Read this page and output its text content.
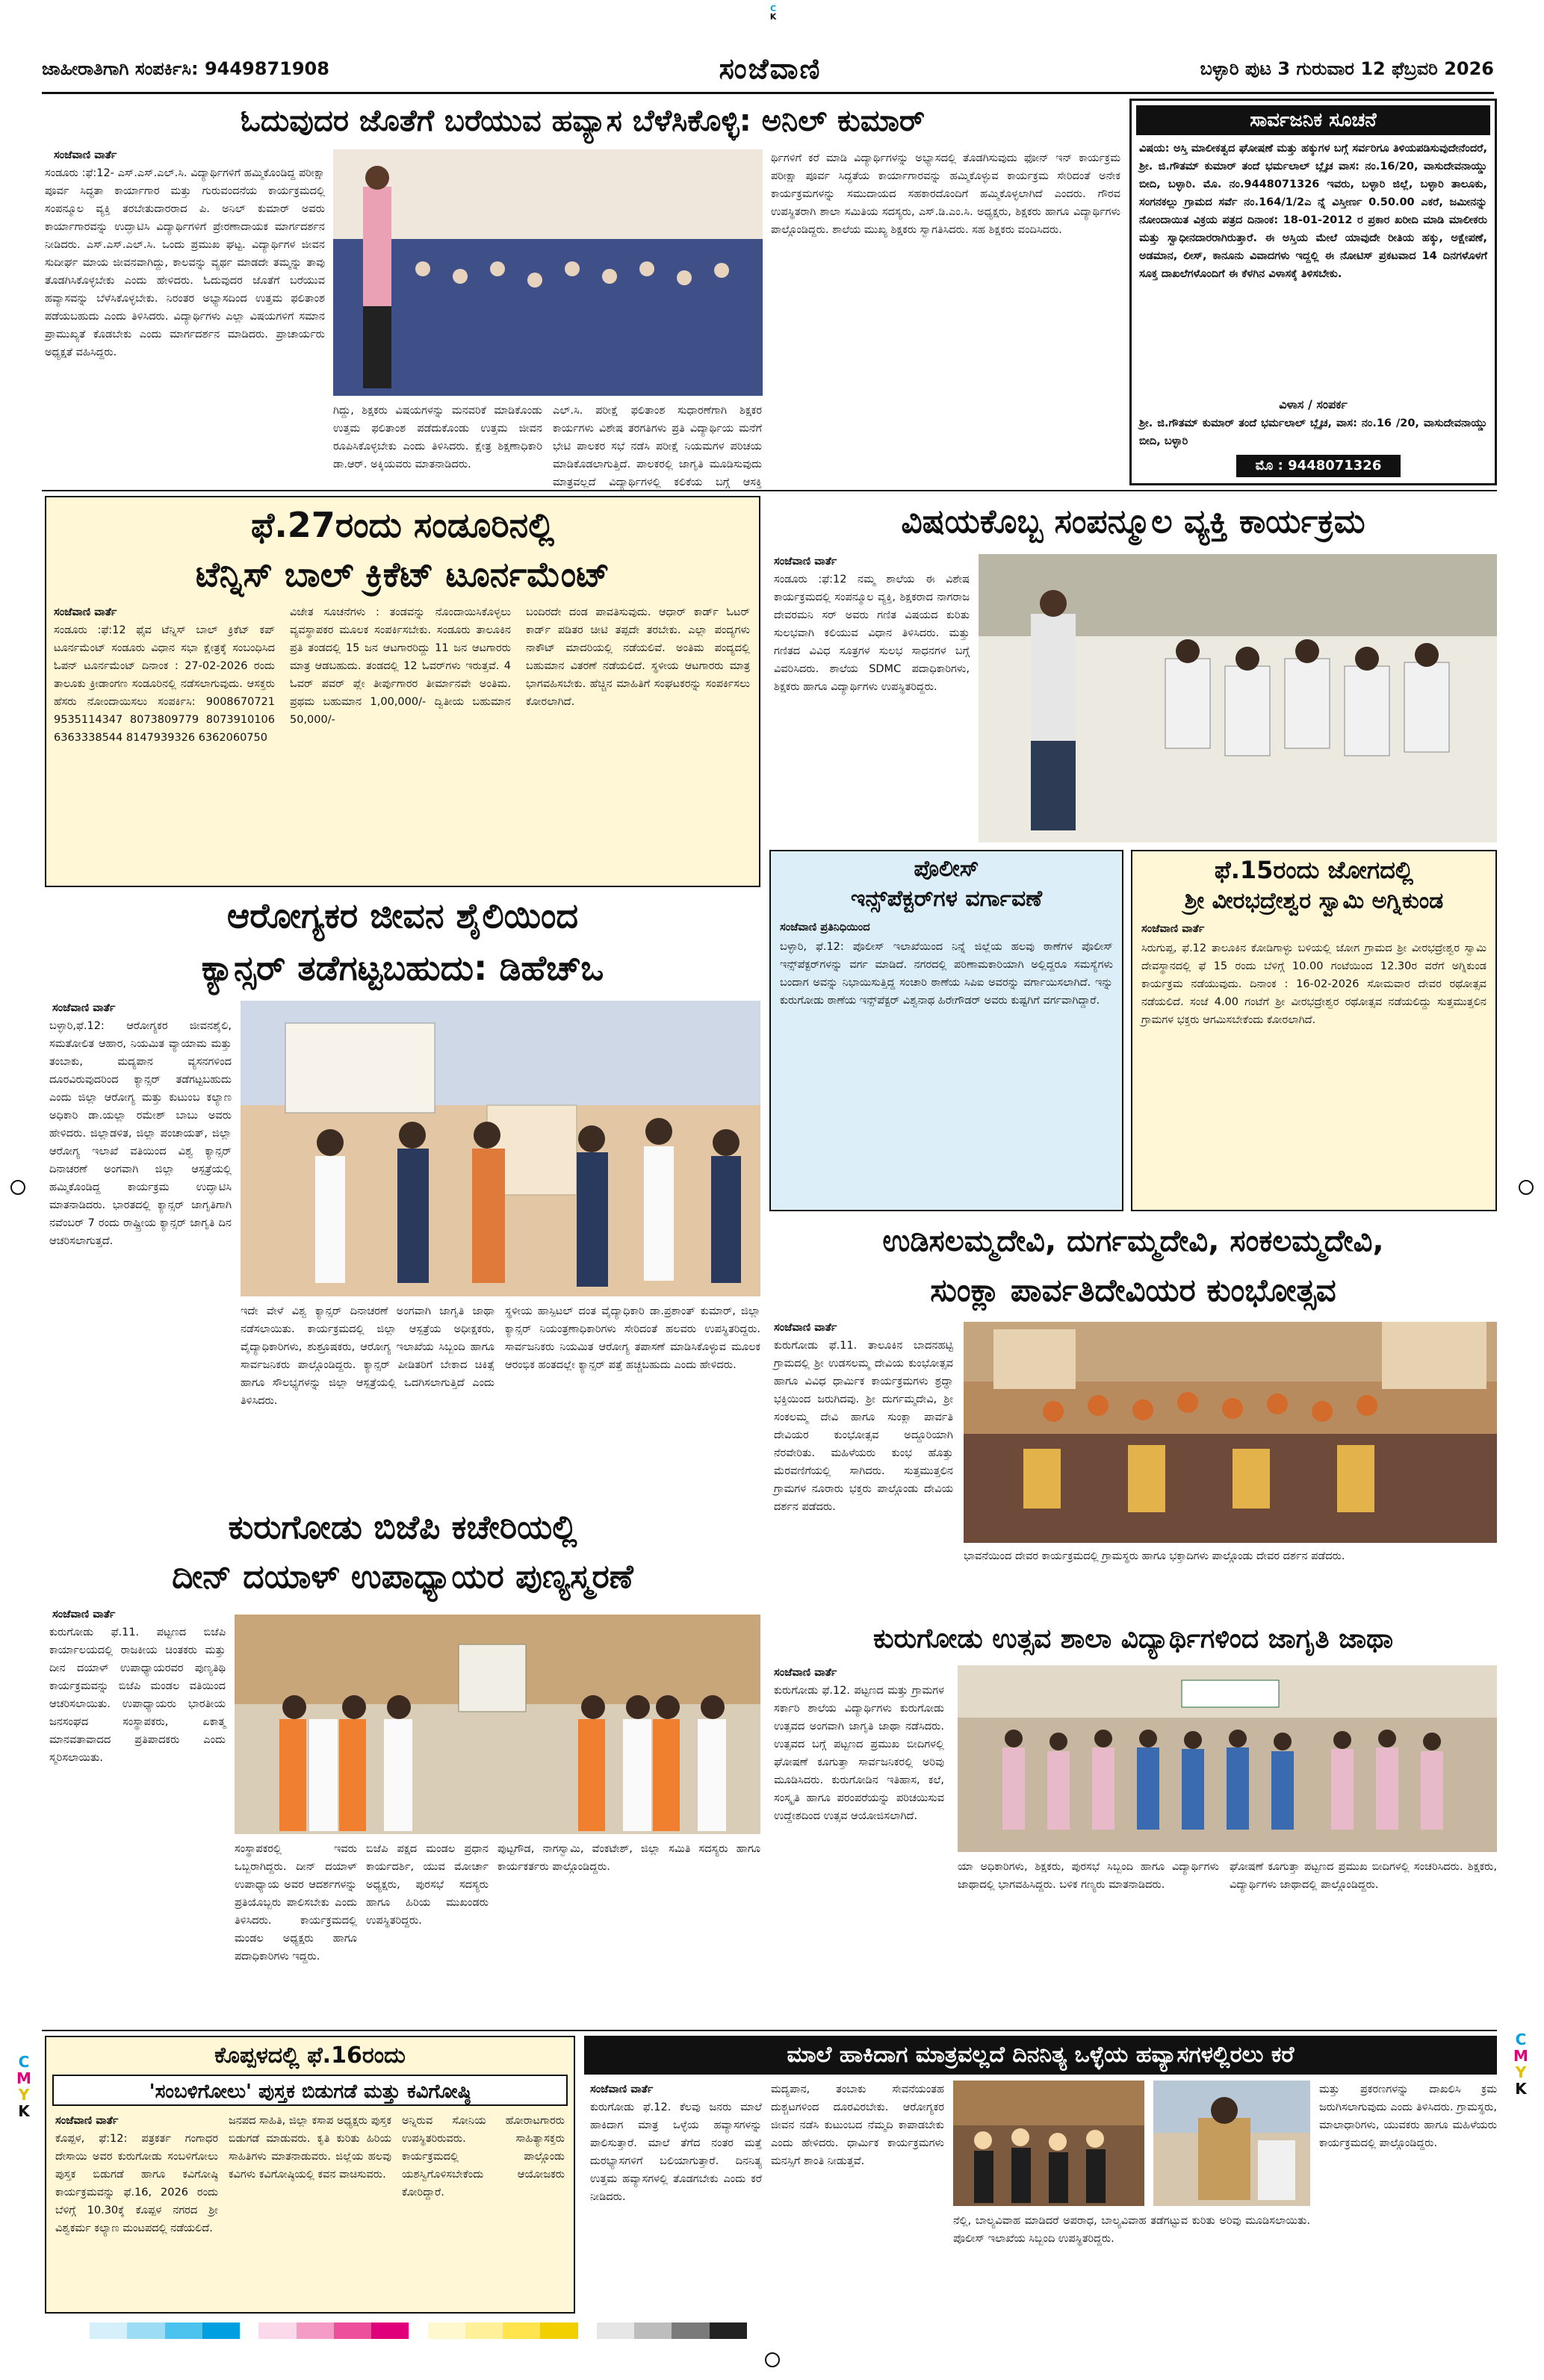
C
K
C
M
Y
K
C
M
Y
K
ಜಾಹೀರಾತಿಗಾಗಿ ಸಂಪರ್ಕಿಸಿ: 9449871908	ಸಂಜೆವಾಣಿ	ಬಳ್ಳಾರಿ ಪುಟ 3 ಗುರುವಾರ 12 ಫೆಬ್ರವರಿ 2026
ಓದುವುದರ ಜೊತೆಗೆ ಬರೆಯುವ ಹವ್ಯಾಸ ಬೆಳೆಸಿಕೊಳ್ಳಿ: ಅನಿಲ್ ಕುಮಾರ್
ಸಂಜೆವಾಣಿ ವಾರ್ತೆ
ಸಂಡೂರು :ಫೆ:12- ಎಸ್.ಎಸ್.ಎಲ್.ಸಿ. ವಿದ್ಯಾರ್ಥಿಗಳಿಗೆ ಹಮ್ಮಿಕೊಂಡಿದ್ದ ಪರೀಕ್ಷಾ ಪೂರ್ವ ಸಿದ್ಧತಾ ಕಾರ್ಯಾಗಾರ ಮತ್ತು ಗುರುವಂದನೆಯ ಕಾರ್ಯಕ್ರಮದಲ್ಲಿ ಸಂಪನ್ಮೂಲ ವ್ಯಕ್ತಿ ತರಬೇತುದಾರರಾದ ಪಿ. ಅನಿಲ್ ಕುಮಾರ್ ಅವರು ಕಾರ್ಯಾಗಾರವನ್ನು ಉದ್ಘಾಟಿಸಿ ವಿದ್ಯಾರ್ಥಿಗಳಿಗೆ ಪ್ರೇರಣಾದಾಯಕ ಮಾರ್ಗದರ್ಶನ ನೀಡಿದರು. ಎಸ್.ಎಸ್.ಎಲ್.ಸಿ. ಒಂದು ಪ್ರಮುಖ ಘಟ್ಟ. ವಿದ್ಯಾರ್ಥಿಗಳ ಜೀವನ ಸುದೀರ್ಘ ಮಾಯ ಜೀವನವಾಗಿದ್ದು, ಕಾಲವನ್ನು ವ್ಯರ್ಥ ಮಾಡದೇ ತಮ್ಮನ್ನು ತಾವು ತೊಡಗಿಸಿಕೊಳ್ಳಬೇಕು ಎಂದು ಹೇಳಿದರು. ಓದುವುದರ ಜೊತೆಗೆ ಬರೆಯುವ ಹವ್ಯಾಸವನ್ನು ಬೆಳೆಸಿಕೊಳ್ಳಬೇಕು. ನಿರಂತರ ಅಭ್ಯಾಸದಿಂದ ಉತ್ತಮ ಫಲಿತಾಂಶ ಪಡೆಯಬಹುದು ಎಂದು ತಿಳಿಸಿದರು. ವಿದ್ಯಾರ್ಥಿಗಳು ಎಲ್ಲಾ ವಿಷಯಗಳಿಗೆ ಸಮಾನ ಪ್ರಾಮುಖ್ಯತೆ ಕೊಡಬೇಕು ಎಂದು ಮಾರ್ಗದರ್ಶನ ಮಾಡಿದರು. ಪ್ರಾಚಾರ್ಯರು ಅಧ್ಯಕ್ಷತೆ ವಹಿಸಿದ್ದರು.
ಗಿದ್ದು, ಶಿಕ್ಷಕರು ವಿಷಯಗಳನ್ನು ಮನವರಿಕೆ ಮಾಡಿಕೊಂಡು ಉತ್ತಮ ಫಲಿತಾಂಶ ಪಡೆದುಕೊಂಡು ಉತ್ತಮ ಜೀವನ ರೂಪಿಸಿಕೊಳ್ಳಬೇಕು ಎಂದು ತಿಳಿಸಿದರು. ಕ್ಷೇತ್ರ ಶಿಕ್ಷಣಾಧಿಕಾರಿ ಡಾ.ಆರ್. ಅಕ್ಕಿಯವರು ಮಾತನಾಡಿದರು.
ಎಲ್.ಸಿ. ಪರೀಕ್ಷೆ ಫಲಿತಾಂಶ ಸುಧಾರಣೆಗಾಗಿ ಶಿಕ್ಷಕರ ಕಾರ್ಯಗಳು ವಿಶೇಷ ತರಗತಿಗಳು ಪ್ರತಿ ವಿದ್ಯಾರ್ಥಿಯ ಮನೆಗೆ ಭೇಟಿ ಪಾಲಕರ ಸಭೆ ನಡೆಸಿ ಪರೀಕ್ಷೆ ನಿಯಮಗಳ ಪರಿಚಯ ಮಾಡಿಕೊಡಲಾಗುತ್ತಿದೆ. ಪಾಲಕರಲ್ಲಿ ಜಾಗೃತಿ ಮೂಡಿಸುವುದು ಮಾತ್ರವಲ್ಲದೆ ವಿದ್ಯಾರ್ಥಿಗಳಲ್ಲಿ ಕಲಿಕೆಯ ಬಗ್ಗೆ ಆಸಕ್ತಿ
ರ್ಥಿಗಳಿಗೆ ಕರೆ ಮಾಡಿ ವಿದ್ಯಾರ್ಥಿಗಳನ್ನು ಅಭ್ಯಾಸದಲ್ಲಿ ತೊಡಗಿಸುವುದು ಫೋನ್ ಇನ್ ಕಾರ್ಯಕ್ರಮ ಪರೀಕ್ಷಾ ಪೂರ್ವ ಸಿದ್ಧತೆಯ ಕಾರ್ಯಾಗಾರವನ್ನು ಹಮ್ಮಿಕೊಳ್ಳುವ ಕಾರ್ಯಕ್ರಮ ಸೇರಿದಂತೆ ಅನೇಕ ಕಾರ್ಯಕ್ರಮಗಳನ್ನು ಸಮುದಾಯದ ಸಹಕಾರದೊಂದಿಗೆ ಹಮ್ಮಿಕೊಳ್ಳಲಾಗಿದೆ ಎಂದರು. ಗೌರವ ಉಪಸ್ಥಿತರಾಗಿ ಶಾಲಾ ಸಮಿತಿಯ ಸದಸ್ಯರು, ಎಸ್.ಡಿ.ಎಂ.ಸಿ. ಅಧ್ಯಕ್ಷರು, ಶಿಕ್ಷಕರು ಹಾಗೂ ವಿದ್ಯಾರ್ಥಿಗಳು ಪಾಲ್ಗೊಂಡಿದ್ದರು. ಶಾಲೆಯ ಮುಖ್ಯ ಶಿಕ್ಷಕರು ಸ್ವಾಗತಿಸಿದರು. ಸಹ ಶಿಕ್ಷಕರು ವಂದಿಸಿದರು.
ಸಾರ್ವಜನಿಕ ಸೂಚನೆ
ವಿಷಯ: ಅಸ್ತಿ ಮಾಲೀಕತ್ವದ ಘೋಷಣೆ ಮತ್ತು ಹಕ್ಕುಗಳ ಬಗ್ಗೆ ಸರ್ವರಿಗೂ ತಿಳಿಯಪಡಿಸುವುದೇನೆಂದರೆ, ಶ್ರೀ. ಜಿ.ಗೌತಮ್ ಕುಮಾರ್ ತಂದೆ ಭರ್ಮಲಾಲ್ ಬ್ಲೈಚ ವಾಸ: ನಂ.16/20, ವಾಸುದೇವನಾಯ್ಡು ಬೀದಿ, ಬಳ್ಳಾರಿ. ಮೊ. ನಂ.9448071326 ಇವರು, ಬಳ್ಳಾರಿ ಜಿಲ್ಲೆ, ಬಳ್ಳಾರಿ ತಾಲೂಕು, ಸಂಗನಕಲ್ಲು ಗ್ರಾಮದ ಸರ್ವೆ ನಂ.164/1/2ಎ ನ್ನೆ ವಿಸ್ತೀರ್ಣ 0.50.00 ಎಕರೆ, ಜಮೀನನ್ನು ನೋಂದಾಯಿತ ವಿಕ್ರಯ ಪತ್ರದ ದಿನಾಂಕ: 18-01-2012 ರ ಪ್ರಕಾರ ಖರೀದಿ ಮಾಡಿ ಮಾಲೀಕರು ಮತ್ತು ಸ್ವಾಧೀನದಾರರಾಗಿರುತ್ತಾರೆ. ಈ ಅಸ್ತಿಯ ಮೇಲೆ ಯಾವುದೇ ರೀತಿಯ ಹಕ್ಕು, ಅಕ್ಷೇಪಣೆ, ಅಡಮಾನ, ಲೀಸ್, ಕಾನೂನು ವಿವಾದಗಳು ಇದ್ದಲ್ಲಿ ಈ ನೋಟಿಸ್ ಪ್ರಕಟವಾದ 14 ದಿನಗಳೊಳಗೆ ಸೂಕ್ತ ದಾಖಲೆಗಳೊಂದಿಗೆ ಈ ಕೆಳಗಿನ ವಿಳಾಸಕ್ಕೆ ತಿಳಿಸಬೇಕು.
ವಿಳಾಸ / ಸಂಪರ್ಕ
ಶ್ರೀ. ಜಿ.ಗೌತಮ್ ಕುಮಾರ್ ತಂದೆ ಭರ್ಮಲಾಲ್ ಬ್ಲೈಚ, ವಾಸ: ನಂ.16 /20, ವಾಸುದೇವನಾಯ್ಡು ಬೀದಿ, ಬಳ್ಳಾರಿ
ಮೊ : 9448071326
ಫೆ.27ರಂದು ಸಂಡೂರಿನಲ್ಲಿ
ಟೆನ್ನಿಸ್ ಬಾಲ್ ಕ್ರಿಕೆಟ್ ಟೂರ್ನಮೆಂಟ್
ಸಂಜೆವಾಣಿ ವಾರ್ತೆ
ಸಂಡೂರು :ಫೆ:12 ಫೈವ ಟೆನ್ನಿಸ್ ಬಾಲ್ ಕ್ರಿಕೆಟ್ ಕಪ್ ಟೂರ್ನಮೆಂಟ್ ಸಂಡೂರು ವಿಧಾನ ಸಭಾ ಕ್ಷೇತ್ರಕ್ಕೆ ಸಂಬಂಧಿಸಿದ ಓಪನ್ ಟೂರ್ನಮೆಂಟ್ ದಿನಾಂಕ : 27-02-2026 ರಂದು ತಾಲೂಕು ಕ್ರೀಡಾಂಗಣ ಸಂಡೂರಿನಲ್ಲಿ ನಡೆಸಲಾಗುವುದು. ಆಸಕ್ತರು ಹೆಸರು ನೋಂದಾಯಿಸಲು ಸಂಪರ್ಕಿಸಿ: 9008670721 9535114347 8073809779 8073910106 6363338544 8147939326 6362060750
ವಿಜೇತ ಸೂಚನೆಗಳು : ತಂಡವನ್ನು ನೊಂದಾಯಿಸಿಕೊಳ್ಳಲು ವ್ಯವಸ್ಥಾಪಕರ ಮೂಲಕ ಸಂಪರ್ಕಿಸಬೇಕು. ಸಂಡೂರು ತಾಲೂಕಿನ ಪ್ರತಿ ತಂಡದಲ್ಲಿ 15 ಜನ ಆಟಗಾರರಿದ್ದು 11 ಜನ ಆಟಗಾರರು ಮಾತ್ರ ಆಡಬಹುದು. ತಂಡದಲ್ಲಿ 12 ಓವರ್‌ಗಳು ಇರುತ್ತವೆ. 4 ಓವರ್ ಪವರ್ ಪ್ಲೇ ತೀರ್ಪುಗಾರರ ತೀರ್ಮಾನವೇ ಅಂತಿಮ. ಪ್ರಥಮ ಬಹುಮಾನ 1,00,000/- ದ್ವಿತೀಯ ಬಹುಮಾನ 50,000/-
ಬಂದಿರದೇ ದಂಡ ಪಾವತಿಸುವುದು. ಆಧಾರ್ ಕಾರ್ಡ್ ಓಟರ್ ಕಾರ್ಡ್ ಪಡಿತರ ಚೀಟಿ ತಪ್ಪದೇ ತರಬೇಕು. ಎಲ್ಲಾ ಪಂದ್ಯಗಳು ನಾಕೌಟ್ ಮಾದರಿಯಲ್ಲಿ ನಡೆಯಲಿವೆ. ಅಂತಿಮ ಪಂದ್ಯದಲ್ಲಿ ಬಹುಮಾನ ವಿತರಣೆ ನಡೆಯಲಿದೆ. ಸ್ಥಳೀಯ ಆಟಗಾರರು ಮಾತ್ರ ಭಾಗವಹಿಸಬೇಕು. ಹೆಚ್ಚಿನ ಮಾಹಿತಿಗೆ ಸಂಘಟಕರನ್ನು ಸಂಪರ್ಕಿಸಲು ಕೋರಲಾಗಿದೆ.
ವಿಷಯಕೊಬ್ಬ ಸಂಪನ್ಮೂಲ ವ್ಯಕ್ತಿ ಕಾರ್ಯಕ್ರಮ
ಸಂಜೆವಾಣಿ ವಾರ್ತೆ
ಸಂಡೂರು :ಫೆ:12 ನಮ್ಮ ಶಾಲೆಯ ಈ ವಿಶೇಷ ಕಾರ್ಯಕ್ರಮದಲ್ಲಿ ಸಂಪನ್ಮೂಲ ವ್ಯಕ್ತಿ, ಶಿಕ್ಷಕರಾದ ನಾಗರಾಜ ದೇವರಮನಿ ಸರ್ ಅವರು ಗಣಿತ ವಿಷಯದ ಕುರಿತು ಸುಲಭವಾಗಿ ಕಲಿಯುವ ವಿಧಾನ ತಿಳಿಸಿದರು. ಮತ್ತು ಗಣಿತದ ವಿವಿಧ ಸೂತ್ರಗಳ ಸುಲಭ ಸಾಧನಗಳ ಬಗ್ಗೆ ವಿವರಿಸಿದರು. ಶಾಲೆಯ SDMC ಪದಾಧಿಕಾರಿಗಳು, ಶಿಕ್ಷಕರು ಹಾಗೂ ವಿದ್ಯಾರ್ಥಿಗಳು ಉಪಸ್ಥಿತರಿದ್ದರು.
ಆರೋಗ್ಯಕರ ಜೀವನ ಶೈಲಿಯಿಂದ
ಕ್ಯಾನ್ಸರ್ ತಡೆಗಟ್ಟಬಹುದು: ಡಿಹೆಚ್‌ಒ
ಸಂಜೆವಾಣಿ ವಾರ್ತೆ
ಬಳ್ಳಾರಿ,ಫೆ.12: ಆರೋಗ್ಯಕರ ಜೀವನಶೈಲಿ, ಸಮತೋಲಿತ ಆಹಾರ, ನಿಯಮಿತ ವ್ಯಾಯಾಮ ಮತ್ತು ತಂಬಾಕು, ಮದ್ಯಪಾನ ವ್ಯಸನಗಳಿಂದ ದೂರವಿರುವುದರಿಂದ ಕ್ಯಾನ್ಸರ್ ತಡೆಗಟ್ಟಬಹುದು ಎಂದು ಜಿಲ್ಲಾ ಆರೋಗ್ಯ ಮತ್ತು ಕುಟುಂಬ ಕಲ್ಯಾಣ ಅಧಿಕಾರಿ ಡಾ.ಯಲ್ಲಾ ರಮೇಶ್ ಬಾಬು ಅವರು ಹೇಳಿದರು. ಜಿಲ್ಲಾಡಳಿತ, ಜಿಲ್ಲಾ ಪಂಚಾಯತ್, ಜಿಲ್ಲಾ ಆರೋಗ್ಯ ಇಲಾಖೆ ವತಿಯಿಂದ ವಿಶ್ವ ಕ್ಯಾನ್ಸರ್ ದಿನಾಚರಣೆ ಅಂಗವಾಗಿ ಜಿಲ್ಲಾ ಆಸ್ಪತ್ರೆಯಲ್ಲಿ ಹಮ್ಮಿಕೊಂಡಿದ್ದ ಕಾರ್ಯಕ್ರಮ ಉದ್ಘಾಟಿಸಿ ಮಾತನಾಡಿದರು. ಭಾರತದಲ್ಲಿ ಕ್ಯಾನ್ಸರ್ ಜಾಗೃತಿಗಾಗಿ ನವೆಂಬರ್ 7 ರಂದು ರಾಷ್ಟ್ರೀಯ ಕ್ಯಾನ್ಸರ್ ಜಾಗೃತಿ ದಿನ ಆಚರಿಸಲಾಗುತ್ತದೆ.
ಇದೇ ವೇಳೆ ವಿಶ್ವ ಕ್ಯಾನ್ಸರ್ ದಿನಾಚರಣೆ ಅಂಗವಾಗಿ ಜಾಗೃತಿ ಜಾಥಾ ನಡೆಸಲಾಯಿತು. ಕಾರ್ಯಕ್ರಮದಲ್ಲಿ ಜಿಲ್ಲಾ ಆಸ್ಪತ್ರೆಯ ಅಧೀಕ್ಷಕರು, ವೈದ್ಯಾಧಿಕಾರಿಗಳು, ಶುಶ್ರೂಷಕರು, ಆರೋಗ್ಯ ಇಲಾಖೆಯ ಸಿಬ್ಬಂದಿ ಹಾಗೂ ಸಾರ್ವಜನಿಕರು ಪಾಲ್ಗೊಂಡಿದ್ದರು. ಕ್ಯಾನ್ಸರ್ ಪೀಡಿತರಿಗೆ ಬೇಕಾದ ಚಿಕಿತ್ಸೆ ಹಾಗೂ ಸೌಲಭ್ಯಗಳನ್ನು ಜಿಲ್ಲಾ ಆಸ್ಪತ್ರೆಯಲ್ಲಿ ಒದಗಿಸಲಾಗುತ್ತಿದೆ ಎಂದು ತಿಳಿಸಿದರು.
ಸ್ಥಳೀಯ ಹಾಸ್ಪಿಟಲ್ ದಂತ ವೈದ್ಯಾಧಿಕಾರಿ ಡಾ.ಪ್ರಶಾಂತ್ ಕುಮಾರ್, ಜಿಲ್ಲಾ ಕ್ಯಾನ್ಸರ್ ನಿಯಂತ್ರಣಾಧಿಕಾರಿಗಳು ಸೇರಿದಂತೆ ಹಲವರು ಉಪಸ್ಥಿತರಿದ್ದರು. ಸಾರ್ವಜನಿಕರು ನಿಯಮಿತ ಆರೋಗ್ಯ ತಪಾಸಣೆ ಮಾಡಿಸಿಕೊಳ್ಳುವ ಮೂಲಕ ಆರಂಭಿಕ ಹಂತದಲ್ಲೇ ಕ್ಯಾನ್ಸರ್ ಪತ್ತೆ ಹಚ್ಚಬಹುದು ಎಂದು ಹೇಳಿದರು.
ಪೊಲೀಸ್
ಇನ್ಸ್‌ಪೆಕ್ಟರ್‌ಗಳ ವರ್ಗಾವಣೆ
ಸಂಜೆವಾಣಿ ಪ್ರತಿನಿಧಿಯಿಂದ
ಬಳ್ಳಾರಿ, ಫೆ.12: ಪೊಲೀಸ್ ಇಲಾಖೆಯಿಂದ ನಿನ್ನೆ ಜಿಲ್ಲೆಯ ಹಲವು ಠಾಣೆಗಳ ಪೊಲೀಸ್ ಇನ್ಸ್‌ಪೆಕ್ಟರ್‌ಗಳನ್ನು ವರ್ಗ ಮಾಡಿದೆ. ನಗರದಲ್ಲಿ ಪರಿಣಾಮಕಾರಿಯಾಗಿ ಅಲ್ಲಿದ್ದರೂ ಸಮಸ್ಯೆಗಳು ಬಂದಾಗ ಅವನ್ನು ನಿಭಾಯಿಸುತ್ತಿದ್ದ ಸಂಚಾರಿ ಠಾಣೆಯ ಸಿಪಿಐ ಅವರನ್ನು ವರ್ಗಾಯಿಸಲಾಗಿದೆ. ಇನ್ನು ಕುರುಗೋಡು ಠಾಣೆಯ ಇನ್ಸ್‌ಪೆಕ್ಟರ್ ವಿಶ್ವನಾಥ ಹಿರೇಗೌಡರ್ ಅವರು ಕುಷ್ಟಗಿಗೆ ವರ್ಗವಾಗಿದ್ದಾರೆ.
ಫೆ.15ರಂದು ಜೋಗದಲ್ಲಿ
ಶ್ರೀ ವೀರಭದ್ರೇಶ್ವರ ಸ್ವಾಮಿ ಅಗ್ನಿಕುಂಡ
ಸಂಜೆವಾಣಿ ವಾರ್ತೆ
ಸಿರುಗುಪ್ಪ, ಫೆ.12 ತಾಲೂಕಿನ ಕೋಡಿಗಾಳ್ಳು ಬಳಿಯಲ್ಲಿ ಜೋಗ ಗ್ರಾಮದ ಶ್ರೀ ವೀರಭದ್ರೇಶ್ವರ ಸ್ವಾಮಿ ದೇವಸ್ಥಾನದಲ್ಲಿ ಫೆ 15 ರಂದು ಬೆಳಿಗ್ಗೆ 10.00 ಗಂಟೆಯಿಂದ 12.30ರ ವರೆಗೆ ಅಗ್ನಿಕುಂಡ ಕಾರ್ಯಕ್ರಮ ನಡೆಯುವುದು. ದಿನಾಂಕ : 16-02-2026 ಸೋಮವಾರ ದೇವರ ರಥೋತ್ಸವ ನಡೆಯಲಿದೆ. ಸಂಜೆ 4.00 ಗಂಟೆಗೆ ಶ್ರೀ ವೀರಭದ್ರೇಶ್ವರ ರಥೋತ್ಸವ ನಡೆಯಲಿದ್ದು ಸುತ್ತಮುತ್ತಲಿನ ಗ್ರಾಮಗಳ ಭಕ್ತರು ಆಗಮಿಸಬೇಕೆಂದು ಕೋರಲಾಗಿದೆ.
ಉಡಿಸಲಮ್ಮದೇವಿ, ದುರ್ಗಮ್ಮದೇವಿ, ಸಂಕಲಮ್ಮದೇವಿ,
ಸುಂಕ್ಲಾ ಪಾರ್ವತಿದೇವಿಯರ ಕುಂಭೋತ್ಸವ
ಸಂಜೆವಾಣಿ ವಾರ್ತೆ
ಕುರುಗೋಡು ಫೆ.11. ತಾಲೂಕಿನ ಬಾದನಹಟ್ಟಿ ಗ್ರಾಮದಲ್ಲಿ ಶ್ರೀ ಉಡಸಲಮ್ಮ ದೇವಿಯ ಕುಂಭೋತ್ಸವ ಹಾಗೂ ವಿವಿಧ ಧಾರ್ಮಿಕ ಕಾರ್ಯಕ್ರಮಗಳು ಶ್ರದ್ಧಾ ಭಕ್ತಿಯಿಂದ ಜರುಗಿದವು. ಶ್ರೀ ದುರ್ಗಮ್ಮದೇವಿ, ಶ್ರೀ ಸಂಕಲಮ್ಮ ದೇವಿ ಹಾಗೂ ಸುಂಕ್ಲಾ ಪಾರ್ವತಿ ದೇವಿಯರ ಕುಂಭೋತ್ಸವ ಅದ್ದೂರಿಯಾಗಿ ನೆರವೇರಿತು. ಮಹಿಳೆಯರು ಕುಂಭ ಹೊತ್ತು ಮೆರವಣಿಗೆಯಲ್ಲಿ ಸಾಗಿದರು. ಸುತ್ತಮುತ್ತಲಿನ ಗ್ರಾಮಗಳ ನೂರಾರು ಭಕ್ತರು ಪಾಲ್ಗೊಂಡು ದೇವಿಯ ದರ್ಶನ ಪಡೆದರು.
ಭಾವನೆಯಿಂದ ದೇವರ ಕಾರ್ಯಕ್ರಮದಲ್ಲಿ ಗ್ರಾಮಸ್ಥರು ಹಾಗೂ ಭಕ್ತಾದಿಗಳು ಪಾಲ್ಗೊಂಡು ದೇವರ ದರ್ಶನ ಪಡೆದರು.
ಕುರುಗೋಡು ಬಿಜೆಪಿ ಕಚೇರಿಯಲ್ಲಿ
ದೀನ್ ದಯಾಳ್ ಉಪಾಧ್ಯಾಯರ ಪುಣ್ಯಸ್ಮರಣೆ
ಸಂಜೆವಾಣಿ ವಾರ್ತೆ
ಕುರುಗೋಡು ಫೆ.11. ಪಟ್ಟಣದ ಬಿಜೆಪಿ ಕಾರ್ಯಾಲಯದಲ್ಲಿ ರಾಜಕೀಯ ಚಿಂತಕರು ಮತ್ತು ದೀನ ದಯಾಳ್ ಉಪಾಧ್ಯಾಯರವರ ಪುಣ್ಯತಿಥಿ ಕಾರ್ಯಕ್ರಮವನ್ನು ಬಿಜೆಪಿ ಮಂಡಲ ವತಿಯಿಂದ ಆಚರಿಸಲಾಯಿತು. ಉಪಾಧ್ಯಾಯರು ಭಾರತೀಯ ಜನಸಂಘದ ಸಂಸ್ಥಾಪಕರು, ಏಕಾತ್ಮ ಮಾನವತಾವಾದದ ಪ್ರತಿಪಾದಕರು ಎಂದು ಸ್ಮರಿಸಲಾಯಿತು.
ಸಂಸ್ಥಾಪಕರಲ್ಲಿ ಇವರು ಒಬ್ಬರಾಗಿದ್ದರು. ದೀನ್ ದಯಾಳ್ ಉಪಾಧ್ಯಾಯ ಅವರ ಆದರ್ಶಗಳನ್ನು ಪ್ರತಿಯೊಬ್ಬರು ಪಾಲಿಸಬೇಕು ಎಂದು ತಿಳಿಸಿದರು. ಕಾರ್ಯಕ್ರಮದಲ್ಲಿ ಮಂಡಲ ಅಧ್ಯಕ್ಷರು ಹಾಗೂ ಪದಾಧಿಕಾರಿಗಳು ಇದ್ದರು.
ಬಿಜೆಪಿ ಪಕ್ಷದ ಮಂಡಲ ಪ್ರಧಾನ ಕಾರ್ಯದರ್ಶಿ, ಯುವ ಮೋರ್ಚಾ ಅಧ್ಯಕ್ಷರು, ಪುರಸಭೆ ಸದಸ್ಯರು ಹಾಗೂ ಹಿರಿಯ ಮುಖಂಡರು ಉಪಸ್ಥಿತರಿದ್ದರು.
ಪುಟ್ಟಗೌಡ, ನಾಗಸ್ವಾಮಿ, ವೆಂಕಟೇಶ್, ಜಿಲ್ಲಾ ಸಮಿತಿ ಸದಸ್ಯರು ಹಾಗೂ ಕಾರ್ಯಕರ್ತರು ಪಾಲ್ಗೊಂಡಿದ್ದರು.
ಕುರುಗೋಡು ಉತ್ಸವ ಶಾಲಾ ವಿದ್ಯಾರ್ಥಿಗಳಿಂದ ಜಾಗೃತಿ ಜಾಥಾ
ಸಂಜೆವಾಣಿ ವಾರ್ತೆ
ಕುರುಗೋಡು ಫೆ.12. ಪಟ್ಟಣದ ಮತ್ತು ಗ್ರಾಮಗಳ ಸರ್ಕಾರಿ ಶಾಲೆಯ ವಿದ್ಯಾರ್ಥಿಗಳು ಕುರುಗೋಡು ಉತ್ಸವದ ಅಂಗವಾಗಿ ಜಾಗೃತಿ ಜಾಥಾ ನಡೆಸಿದರು. ಉತ್ಸವದ ಬಗ್ಗೆ ಪಟ್ಟಣದ ಪ್ರಮುಖ ಬೀದಿಗಳಲ್ಲಿ ಘೋಷಣೆ ಕೂಗುತ್ತಾ ಸಾರ್ವಜನಿಕರಲ್ಲಿ ಅರಿವು ಮೂಡಿಸಿದರು. ಕುರುಗೋಡಿನ ಇತಿಹಾಸ, ಕಲೆ, ಸಂಸ್ಕೃತಿ ಹಾಗೂ ಪರಂಪರೆಯನ್ನು ಪರಿಚಯಿಸುವ ಉದ್ದೇಶದಿಂದ ಉತ್ಸವ ಆಯೋಜಿಸಲಾಗಿದೆ.
ಯಾ ಅಧಿಕಾರಿಗಳು, ಶಿಕ್ಷಕರು, ಪುರಸಭೆ ಸಿಬ್ಬಂದಿ ಹಾಗೂ ವಿದ್ಯಾರ್ಥಿಗಳು ಜಾಥಾದಲ್ಲಿ ಭಾಗವಹಿಸಿದ್ದರು. ಬಳಿಕ ಗಣ್ಯರು ಮಾತನಾಡಿದರು.
ಘೋಷಣೆ ಕೂಗುತ್ತಾ ಪಟ್ಟಣದ ಪ್ರಮುಖ ಬೀದಿಗಳಲ್ಲಿ ಸಂಚರಿಸಿದರು. ಶಿಕ್ಷಕರು, ವಿದ್ಯಾರ್ಥಿಗಳು ಜಾಥಾದಲ್ಲಿ ಪಾಲ್ಗೊಂಡಿದ್ದರು.
ಕೊಪ್ಪಳದಲ್ಲಿ ಫೆ.16ರಂದು
'ಸಂಬಳಿಗೋಲು' ಪುಸ್ತಕ ಬಿಡುಗಡೆ ಮತ್ತು ಕವಿಗೋಷ್ಠಿ
ಸಂಜೆವಾಣಿ ವಾರ್ತೆ
ಕೊಪ್ಪಳ, ಫೆ:12: ಪತ್ರಕರ್ತ ಗಂಗಾಧರ ದೇಸಾಯಿ ಅವರ ಕುರುಗೋಡು ಸಂಬಳಿಗೋಲು ಪುಸ್ತಕ ಬಿಡುಗಡೆ ಹಾಗೂ ಕವಿಗೋಷ್ಠಿ ಕಾರ್ಯಕ್ರಮವನ್ನು ಫೆ.16, 2026 ರಂದು ಬೆಳಿಗ್ಗೆ 10.30ಕ್ಕೆ ಕೊಪ್ಪಳ ನಗರದ ಶ್ರೀ ವಿಶ್ವಕರ್ಮ ಕಲ್ಯಾಣ ಮಂಟಪದಲ್ಲಿ ನಡೆಯಲಿದೆ.
ಜನಪದ ಸಾಹಿತಿ, ಜಿಲ್ಲಾ ಕಸಾಪ ಅಧ್ಯಕ್ಷರು ಪುಸ್ತಕ ಬಿಡುಗಡೆ ಮಾಡುವರು. ಕೃತಿ ಕುರಿತು ಹಿರಿಯ ಸಾಹಿತಿಗಳು ಮಾತನಾಡುವರು. ಜಿಲ್ಲೆಯ ಹಲವು ಕವಿಗಳು ಕವಿಗೋಷ್ಠಿಯಲ್ಲಿ ಕವನ ವಾಚಿಸುವರು.
ಅನ್ನಿರುವ ಸೋನಿಯ ಹೋರಾಟಗಾರರು ಉಪಸ್ಥಿತರಿರುವರು. ಸಾಹಿತ್ಯಾಸಕ್ತರು ಕಾರ್ಯಕ್ರಮದಲ್ಲಿ ಪಾಲ್ಗೊಂಡು ಯಶಸ್ವಿಗೊಳಿಸಬೇಕೆಂದು ಆಯೋಜಕರು ಕೋರಿದ್ದಾರೆ.
ಮಾಲೆ ಹಾಕಿದಾಗ ಮಾತ್ರವಲ್ಲದೆ ದಿನನಿತ್ಯ ಒಳ್ಳೆಯ ಹವ್ಯಾಸಗಳಲ್ಲಿರಲು ಕರೆ
ಸಂಜೆವಾಣಿ ವಾರ್ತೆ
ಕುರುಗೋಡು ಫೆ.12. ಕೆಲವು ಜನರು ಮಾಲೆ ಹಾಕಿದಾಗ ಮಾತ್ರ ಒಳ್ಳೆಯ ಹವ್ಯಾಸಗಳನ್ನು ಪಾಲಿಸುತ್ತಾರೆ. ಮಾಲೆ ತೆಗೆದ ನಂತರ ಮತ್ತೆ ದುರಭ್ಯಾಸಗಳಿಗೆ ಬಲಿಯಾಗುತ್ತಾರೆ. ದಿನನಿತ್ಯ ಉತ್ತಮ ಹವ್ಯಾಸಗಳಲ್ಲಿ ತೊಡಗಬೇಕು ಎಂದು ಕರೆ ನೀಡಿದರು.
ಮದ್ಯಪಾನ, ತಂಬಾಕು ಸೇವನೆಯಂತಹ ದುಶ್ಚಟಗಳಿಂದ ದೂರವಿರಬೇಕು. ಆರೋಗ್ಯಕರ ಜೀವನ ನಡೆಸಿ ಕುಟುಂಬದ ನೆಮ್ಮದಿ ಕಾಪಾಡಬೇಕು ಎಂದು ಹೇಳಿದರು. ಧಾರ್ಮಿಕ ಕಾರ್ಯಕ್ರಮಗಳು ಮನಸ್ಸಿಗೆ ಶಾಂತಿ ನೀಡುತ್ತವೆ.
ನೆಲ್ಲಿ, ಬಾಲ್ಯವಿವಾಹ ಮಾಡಿದರೆ ಅಪರಾಧ, ಬಾಲ್ಯವಿವಾಹ ತಡೆಗಟ್ಟುವ ಕುರಿತು ಅರಿವು ಮೂಡಿಸಲಾಯಿತು. ಪೊಲೀಸ್ ಇಲಾಖೆಯ ಸಿಬ್ಬಂದಿ ಉಪಸ್ಥಿತರಿದ್ದರು.
ಮತ್ತು ಪ್ರಕರಣಗಳನ್ನು ದಾಖಲಿಸಿ ಕ್ರಮ ಜರುಗಿಸಲಾಗುವುದು ಎಂದು ತಿಳಿಸಿದರು. ಗ್ರಾಮಸ್ಥರು, ಮಾಲಾಧಾರಿಗಳು, ಯುವಕರು ಹಾಗೂ ಮಹಿಳೆಯರು ಕಾರ್ಯಕ್ರಮದಲ್ಲಿ ಪಾಲ್ಗೊಂಡಿದ್ದರು.
